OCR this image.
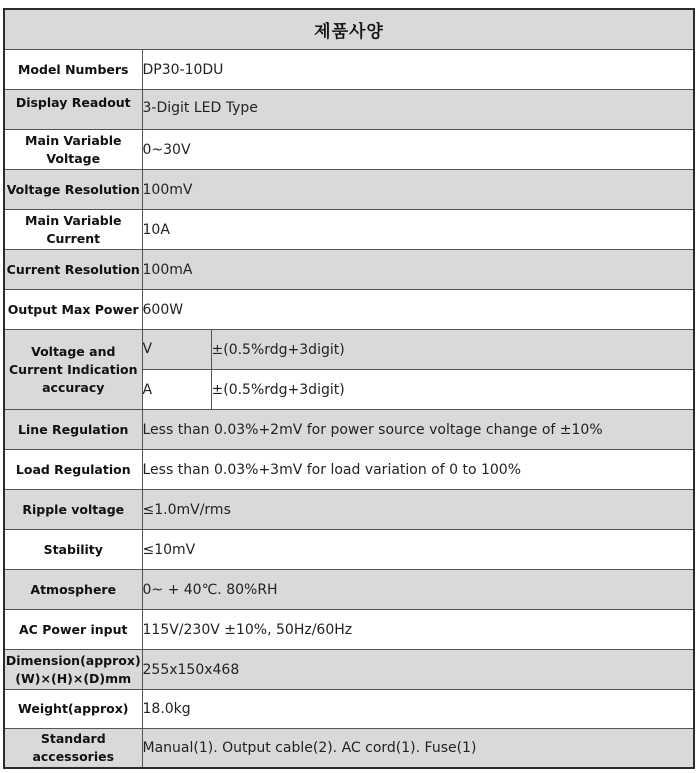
제품사양		
Model Numbers	DP30-10DU	
Display Readout	3-Digit LED Type	
Main Variable Voltage	0~30V	
Voltage Resolution	100mV	
Main Variable Current	10A	
Current Resolution	100mA	
Output Max Power	600W	
Voltage and Current Indication accuracy	V	±(0.5%rdg+3digit)
	A	±(0.5%rdg+3digit)
Line Regulation	Less than 0.03%+2mV for power source voltage change of ±10%	
Load Regulation	Less than 0.03%+3mV for load variation of 0 to 100%	
Ripple voltage	≤1.0mV/rms	
Stability	≤10mV	
Atmosphere	0~ + 40℃. 80%RH	
AC Power input	115V/230V ±10%, 50Hz/60Hz	
Dimension(approx) (W)×(H)×(D)mm	255x150x468	
Weight(approx)	18.0kg	
Standard accessories	Manual(1). Output cable(2). AC cord(1). Fuse(1)	
